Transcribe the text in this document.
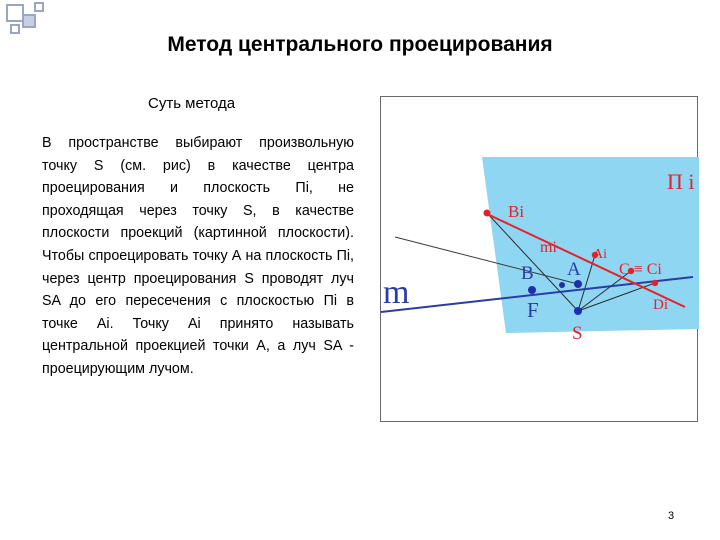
Метод центрального проецирования
Суть метода
В пространстве выбирают произвольную точку S (см. рис) в качестве центра проецирования и плоскость Пi, не проходящая через точку S, в качестве плоскости проекций (картинной плоскости). Чтобы спроецировать точку А на плоскость Пi, через центр проецирования S проводят луч SA до его пересечения с плоскостью Пi в точке Аi. Точку Аi принято называть центральной проекцией точки А, а луч SA - проецирующим лучом.
П i
Bi
mi	Ai
C ≡ Ci
Di
m
B A
F
S
3
